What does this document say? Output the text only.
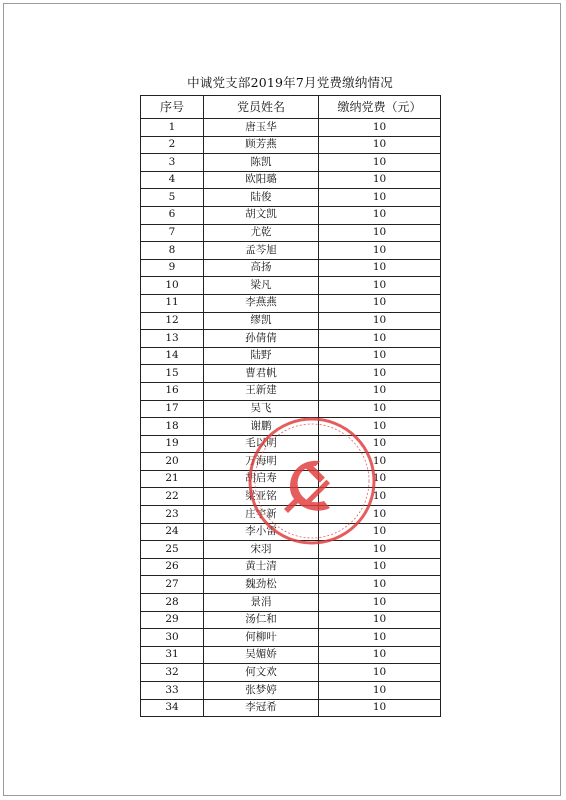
中诚党支部2019年7月党费缴纳情况
序号	党员姓名	缴纳党费（元）
1	唐玉华	10
2	顾芳燕	10
3	陈凯	10
4	欧阳璐	10
5	陆俊	10
6	胡文凯	10
7	尤乾	10
8	孟芩旭	10
9	高扬	10
10	梁凡	10
11	李燕燕	10
12	缪凯	10
13	孙倩倩	10
14	陆野	10
15	曹君帆	10
16	王新建	10
17	吴飞	10
18	谢鹏	10
19	毛以明	10
20	万海明	10
21	胡启寿	10
22	梁亚铭	10
23	庄宇新	10
24	李小雷	10
25	宋羽	10
26	黄士清	10
27	魏劲松	10
28	景涓	10
29	汤仁和	10
30	何柳叶	10
31	吴媚娇	10
32	何文欢	10
33	张梦婷	10
34	李冠希	10
